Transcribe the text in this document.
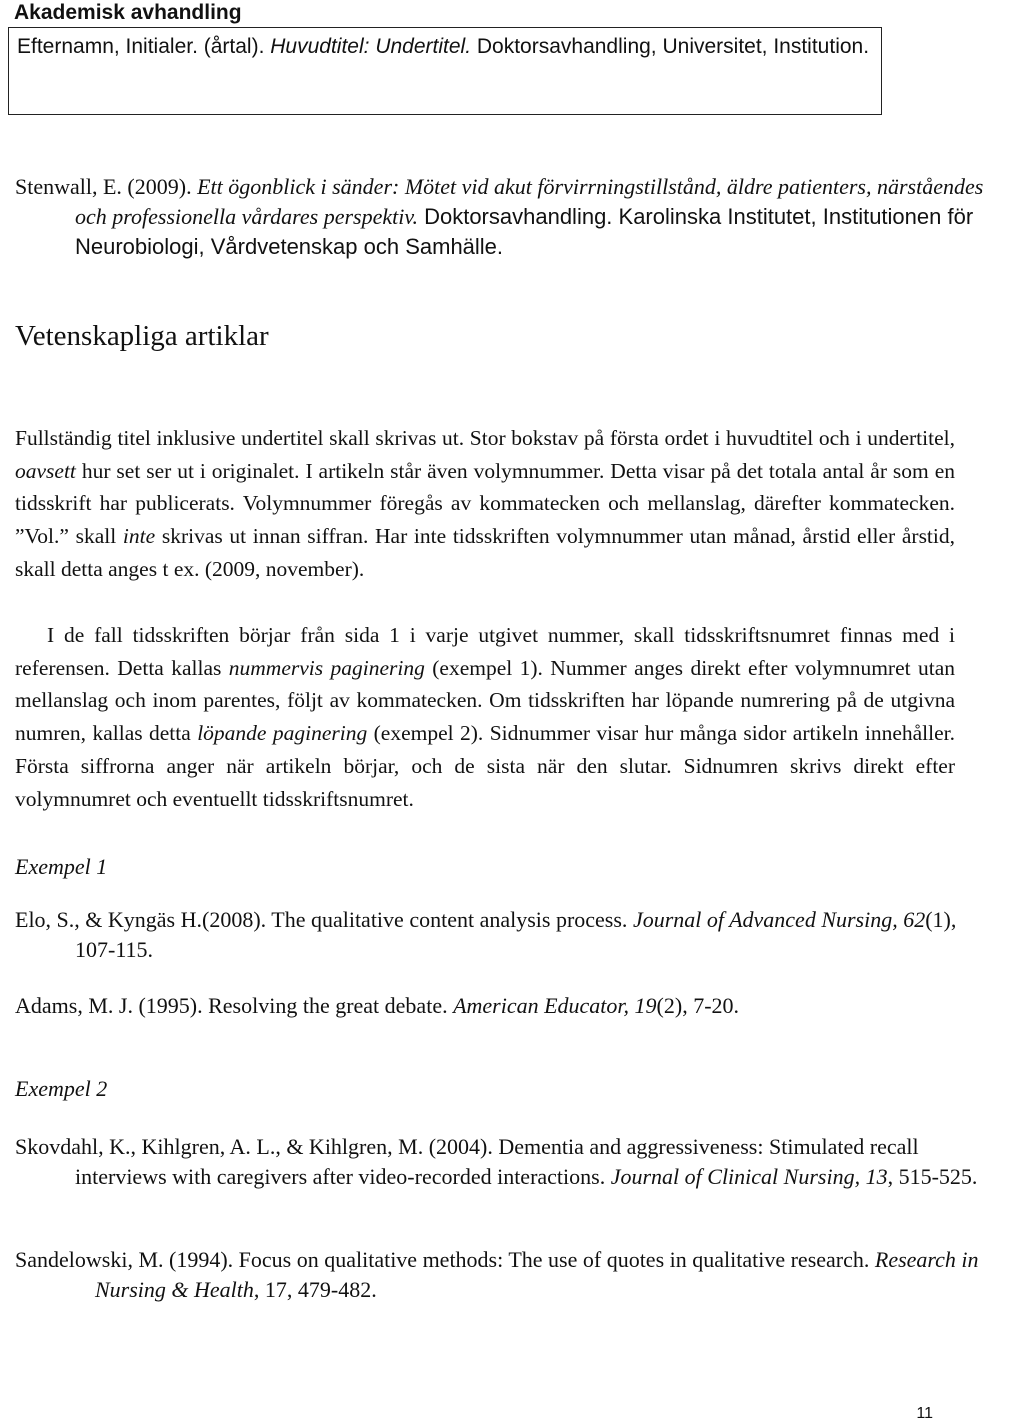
Akademisk avhandling
Efternamn, Initialer. (årtal). Huvudtitel: Undertitel. Doktorsavhandling, Universitet, Institution.

Stenwall, E. (2009). Ett ögonblick i sänder: Mötet vid akut förvirrningstillstånd, äldre patienters, närståendes och professionella vårdares perspektiv. Doktorsavhandling. Karolinska Institutet, Institutionen för Neurobiologi, Vårdvetenskap och Samhälle.

Vetenskapliga artiklar

Fullständig titel inklusive undertitel skall skrivas ut. Stor bokstav på första ordet i huvudtitel och i undertitel, oavsett hur set ser ut i originalet. I artikeln står även volymnummer. Detta visar på det totala antal år som en tidsskrift har publicerats. Volymnummer föregås av kommatecken och mellanslag, därefter kommatecken. ”Vol.” skall inte skrivas ut innan siffran. Har inte tidsskriften volymnummer utan månad, årstid eller årstid, skall detta anges t ex. (2009, november).

I de fall tidsskriften börjar från sida 1 i varje utgivet nummer, skall tidsskriftsnumret finnas med i referensen. Detta kallas nummervis paginering (exempel 1). Nummer anges direkt efter volymnumret utan mellanslag och inom parentes, följt av kommatecken. Om tidsskriften har löpande numrering på de utgivna numren, kallas detta löpande paginering (exempel 2). Sidnummer visar hur många sidor artikeln innehåller. Första siffrorna anger när artikeln börjar, och de sista när den slutar. Sidnumren skrivs direkt efter volymnumret och eventuellt tidsskriftsnumret.

Exempel 1

Elo, S., & Kyngäs H.(2008). The qualitative content analysis process. Journal of Advanced Nursing, 62(1), 107-115.

Adams, M. J. (1995). Resolving the great debate. American Educator, 19(2), 7-20.

Exempel 2

Skovdahl, K., Kihlgren, A. L., & Kihlgren, M. (2004). Dementia and aggressiveness: Stimulated recall interviews with caregivers after video-recorded interactions. Journal of Clinical Nursing, 13, 515-525.

Sandelowski, M. (1994). Focus on qualitative methods: The use of quotes in qualitative research. Research in Nursing & Health, 17, 479-482.

11
